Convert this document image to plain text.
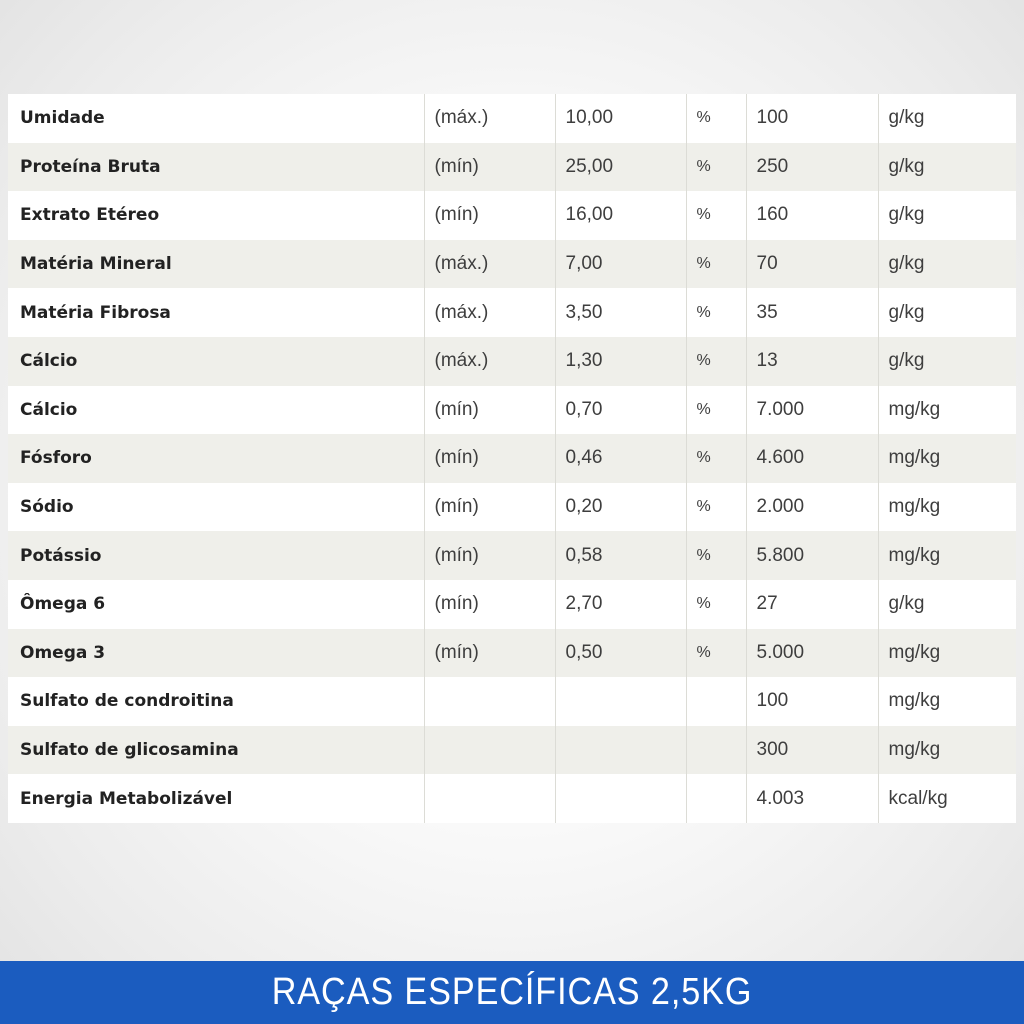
Umidade	(máx.)	10,00	%	100	g/kg
Proteína Bruta	(mín)	25,00	%	250	g/kg
Extrato Etéreo	(mín)	16,00	%	160	g/kg
Matéria Mineral	(máx.)	7,00	%	70	g/kg
Matéria Fibrosa	(máx.)	3,50	%	35	g/kg
Cálcio	(máx.)	1,30	%	13	g/kg
Cálcio	(mín)	0,70	%	7.000	mg/kg
Fósforo	(mín)	0,46	%	4.600	mg/kg
Sódio	(mín)	0,20	%	2.000	mg/kg
Potássio	(mín)	0,58	%	5.800	mg/kg
Ômega 6	(mín)	2,70	%	27	g/kg
Omega 3	(mín)	0,50	%	5.000	mg/kg
Sulfato de condroitina				100	mg/kg
Sulfato de glicosamina				300	mg/kg
Energia Metabolizável				4.003	kcal/kg
RAÇAS ESPECÍFICAS 2,5KG
